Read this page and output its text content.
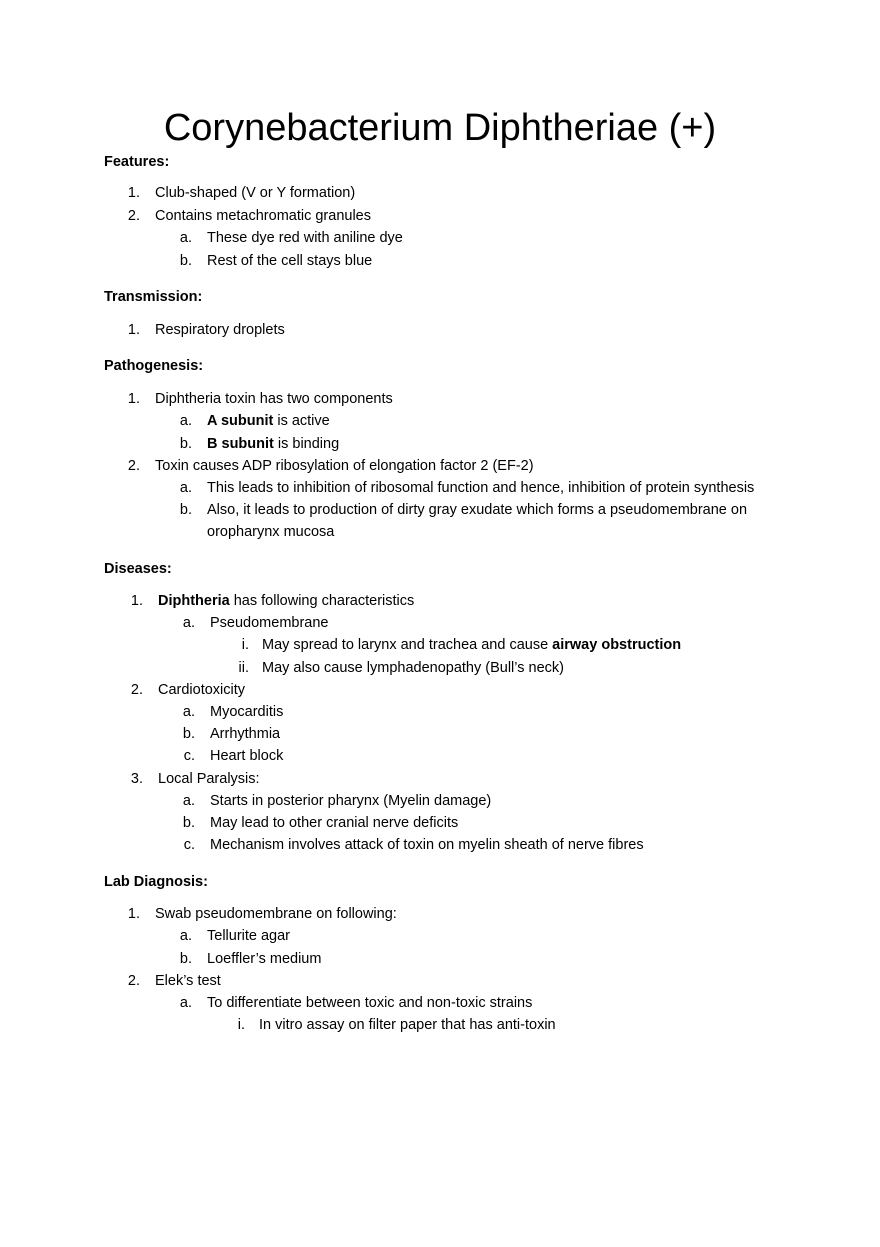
Corynebacterium Diphtheriae (+)
Features:
1. Club-shaped (V or Y formation)
2. Contains metachromatic granules
a. These dye red with aniline dye
b. Rest of the cell stays blue
Transmission:
1. Respiratory droplets
Pathogenesis:
1. Diphtheria toxin has two components
a. A subunit is active
b. B subunit is binding
2. Toxin causes ADP ribosylation of elongation factor 2 (EF-2)
a. This leads to inhibition of ribosomal function and hence, inhibition of protein synthesis
b. Also, it leads to production of dirty gray exudate which forms a pseudomembrane on
oropharynx mucosa
Diseases:
1. Diphtheria has following characteristics
a. Pseudomembrane
i. May spread to larynx and trachea and cause airway obstruction
ii. May also cause lymphadenopathy (Bull’s neck)
2. Cardiotoxicity
a. Myocarditis
b. Arrhythmia
c. Heart block
3. Local Paralysis:
a. Starts in posterior pharynx (Myelin damage)
b. May lead to other cranial nerve deficits
c. Mechanism involves attack of toxin on myelin sheath of nerve fibres
Lab Diagnosis:
1. Swab pseudomembrane on following:
a. Tellurite agar
b. Loeffler’s medium
2. Elek’s test
a. To differentiate between toxic and non-toxic strains
i. In vitro assay on filter paper that has anti-toxin
